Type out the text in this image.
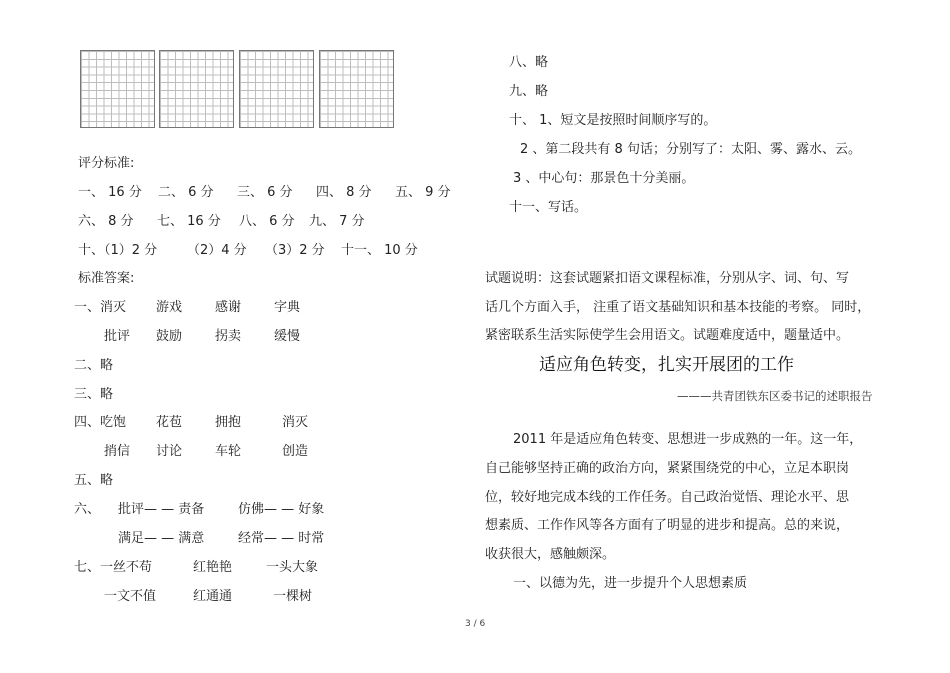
评分标准:
一、 16 分 二、 6 分 三、 6 分 四、 8 分 五、 9 分
六、 8 分 七、 16 分 八、 6 分 九、 7 分
十、（1）2 分 （2）4 分 （3）2 分 十一、 10 分
标准答案:
一、消灭 游戏	感谢	字典
批评 鼓励	拐卖	缓慢
二、略
三、略
四、吃饱 花苞	拥抱	消灭
捎信 讨论	车轮	创造
五、略
六、 批评— — 责备	仿佛— — 好象
满足— — 满意	经常— — 时常
七、一丝不苟	红艳艳	一头大象
一文不值	红通通	一棵树
八、略
九、略
十、 1、短文是按照时间顺序写的。
2 、第二段共有 8 句话；分别写了：太阳、雾、露水、云。
3 、中心句：那景色十分美丽。
十一、写话。
试题说明：这套试题紧扣语文课程标准，分别从字、词、句、写
话几个方面入手， 注重了语文基础知识和基本技能的考察。 同时，
紧密联系生活实际使学生会用语文。试题难度适中，题量适中。
适应角色转变，扎实开展团的工作
———共青团铁东区委书记的述职报告
2011 年是适应角色转变、思想进一步成熟的一年。这一年，
自己能够坚持正确的政治方向，紧紧围绕党的中心，立足本职岗
位，较好地完成本线的工作任务。自己政治觉悟、理论水平、思
想素质、工作作风等各方面有了明显的进步和提高。总的来说，
收获很大，感触颇深。
一、以德为先，进一步提升个人思想素质
3 / 6
